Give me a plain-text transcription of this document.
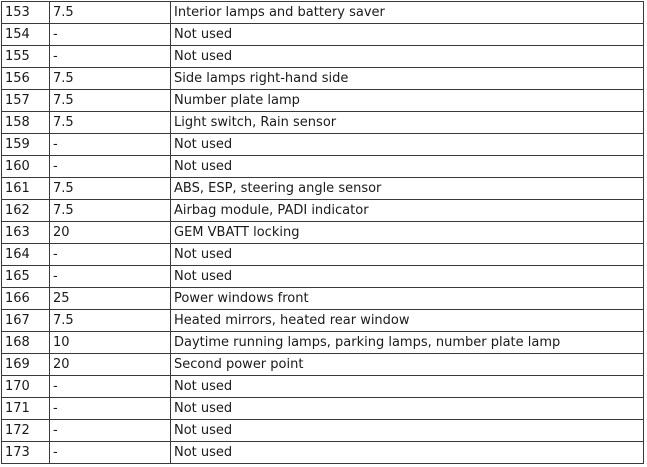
153	7.5	Interior lamps and battery saver
154	-	Not used
155	-	Not used
156	7.5	Side lamps right-hand side
157	7.5	Number plate lamp
158	7.5	Light switch, Rain sensor
159	-	Not used
160	-	Not used
161	7.5	ABS, ESP, steering angle sensor
162	7.5	Airbag module, PADI indicator
163	20	GEM VBATT locking
164	-	Not used
165	-	Not used
166	25	Power windows front
167	7.5	Heated mirrors, heated rear window
168	10	Daytime running lamps, parking lamps, number plate lamp
169	20	Second power point
170	-	Not used
171	-	Not used
172	-	Not used
173	-	Not used
